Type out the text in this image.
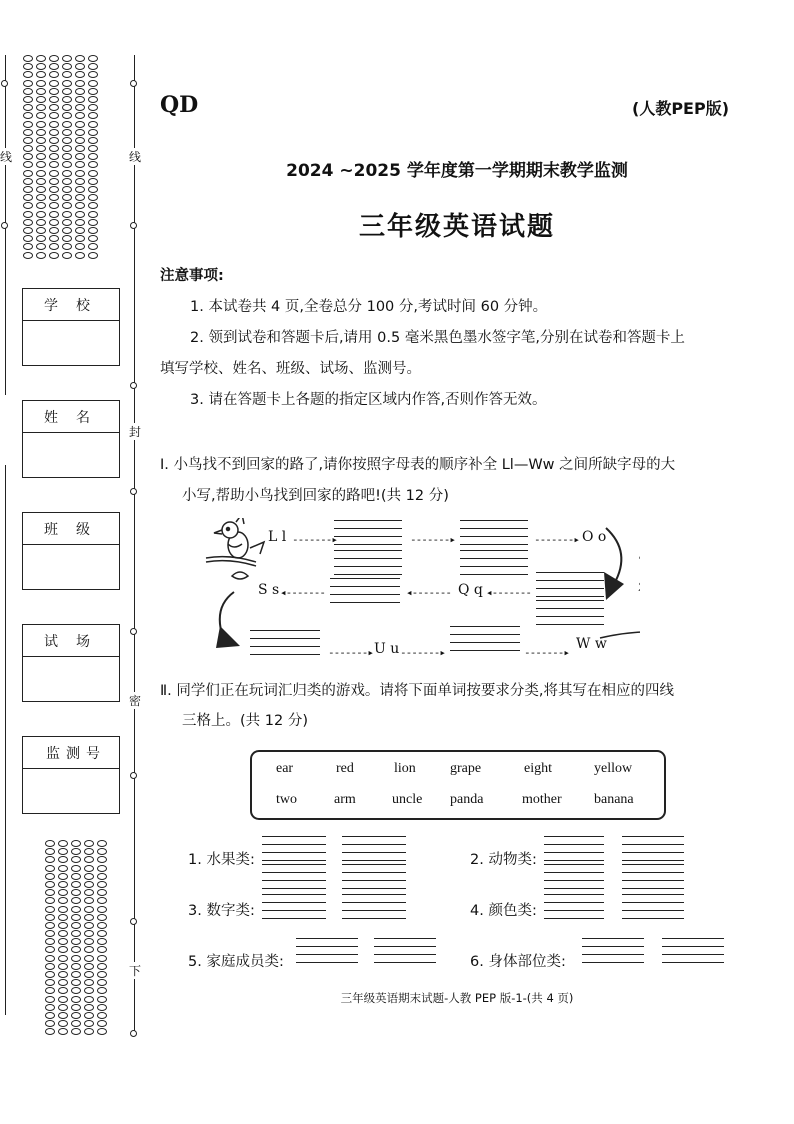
线	线
封
密
下
学校
姓名
班级
试场
监测号
QD	(人教PEP版)
2024 ~2025 学年度第一学期期末教学监测
三年级英语试题
注意事项:
1. 本试卷共 4 页,全卷总分 100 分,考试时间 60 分钟。
2. 领到试卷和答题卡后,请用 0.5 毫米黑色墨水签字笔,分别在试卷和答题卡上
填写学校、姓名、班级、试场、监测号。
3. 请在答题卡上各题的指定区域内作答,否则作答无效。
Ⅰ. 小鸟找不到回家的路了,请你按照字母表的顺序补全 Ll—Ww 之间所缺字母的大
小写,帮助小鸟找到回家的路吧!(共 12 分)
L l -------▸	-------▸	-------▸ O o
S s ◂-------	◂------- Q q ◂-------
-------▸ U u -------▸	-------▸
W w
Ⅱ. 同学们正在玩词汇归类的游戏。请将下面单词按要求分类,将其写在相应的四线
三格上。(共 12 分)
ear	red	lion grape	eight	yellow
two	arm	uncle panda	mother banana
1. 水果类:	2. 动物类:
3. 数字类:	4. 颜色类:
5. 家庭成员类:	6. 身体部位类:
三年级英语期末试题-人教 PEP 版-1-(共 4 页)
